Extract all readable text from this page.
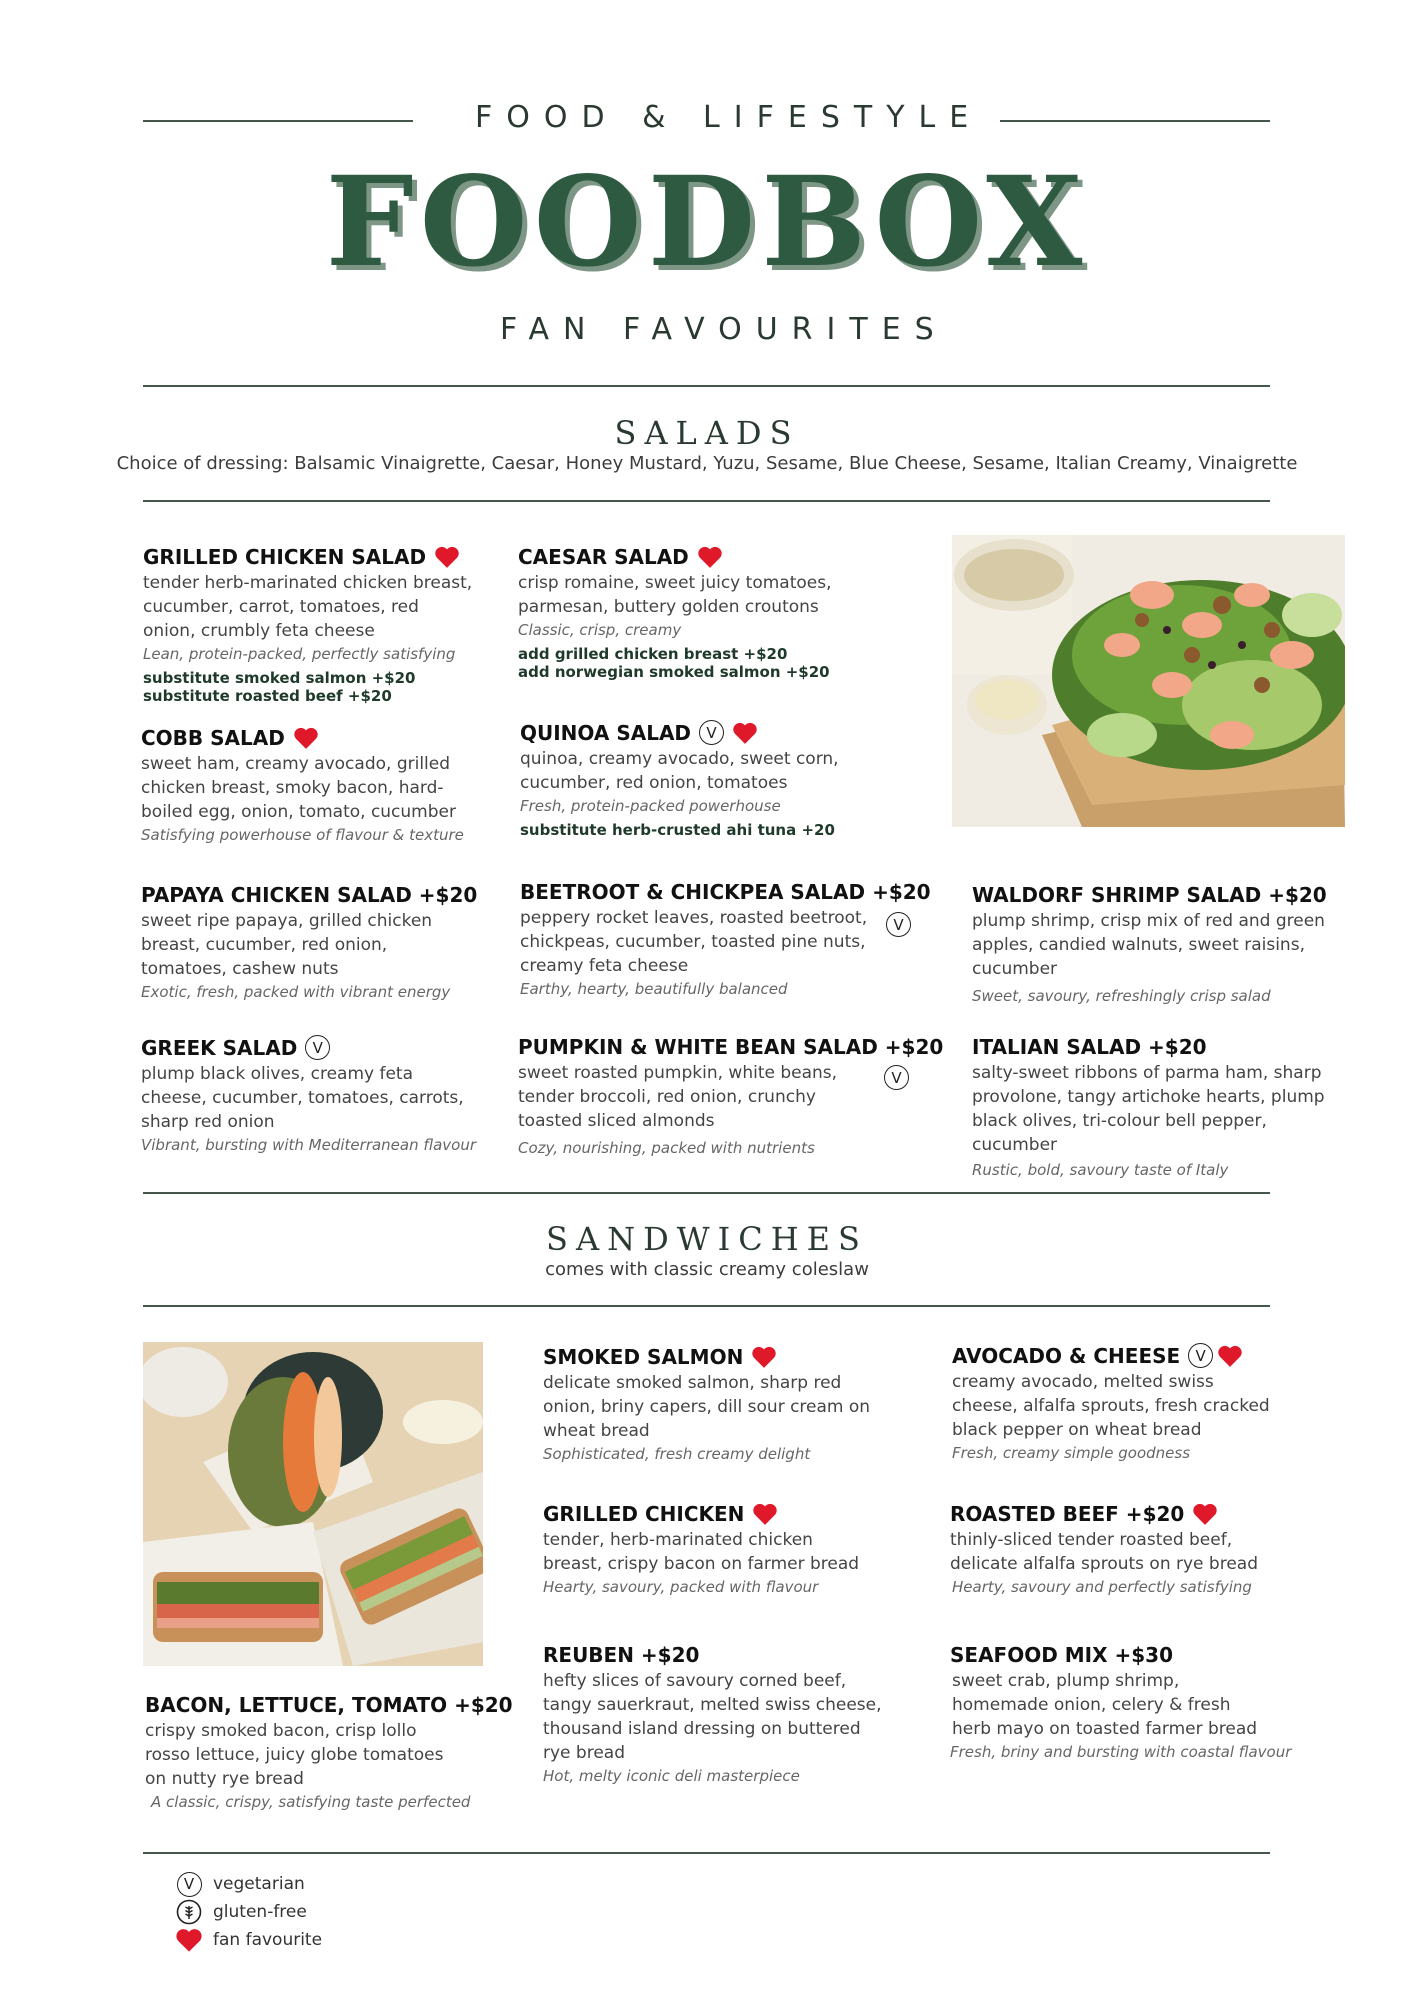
FOOD & LIFESTYLE
FOODBOX
FAN FAVOURITES
SALADS
Choice of dressing: Balsamic Vinaigrette, Caesar, Honey Mustard, Yuzu, Sesame, Blue Cheese, Sesame, Italian Creamy, Vinaigrette
GRILLED CHICKEN SALAD
tender herb-marinated chicken breast, cucumber, carrot, tomatoes, red onion, crumbly feta cheese
Lean, protein-packed, perfectly satisfying
substitute smoked salmon +$20
substitute roasted beef +$20
CAESAR SALAD
crisp romaine, sweet juicy tomatoes, parmesan, buttery golden croutons
Classic, crisp, creamy
add grilled chicken breast +$20
add norwegian smoked salmon +$20
COBB SALAD
sweet ham, creamy avocado, grilled chicken breast, smoky bacon, hard-boiled egg, onion, tomato, cucumber
Satisfying powerhouse of flavour & texture
QUINOA SALAD	V
quinoa, creamy avocado, sweet corn, cucumber, red onion, tomatoes
Fresh, protein-packed powerhouse
substitute herb-crusted ahi tuna +20
PAPAYA CHICKEN SALAD +$20
sweet ripe papaya, grilled chicken breast, cucumber, red onion, tomatoes, cashew nuts
Exotic, fresh, packed with vibrant energy
BEETROOT & CHICKPEA SALAD +$20
peppery rocket leaves, roasted beetroot, chickpeas, cucumber, toasted pine nuts, creamy feta cheese
Earthy, hearty, beautifully balanced
V
WALDORF SHRIMP SALAD +$20
plump shrimp, crisp mix of red and green apples, candied walnuts, sweet raisins, cucumber
Sweet, savoury, refreshingly crisp salad
GREEK SALAD	V
plump black olives, creamy feta cheese, cucumber, tomatoes, carrots, sharp red onion
Vibrant, bursting with Mediterranean flavour
PUMPKIN & WHITE BEAN SALAD +$20
sweet roasted pumpkin, white beans, tender broccoli, red onion, crunchy toasted sliced almonds
Cozy, nourishing, packed with nutrients
V
ITALIAN SALAD +$20
salty-sweet ribbons of parma ham, sharp provolone, tangy artichoke hearts, plump black olives, tri-colour bell pepper, cucumber
Rustic, bold, savoury taste of Italy
SANDWICHES
comes with classic creamy coleslaw
BACON, LETTUCE, TOMATO +$20
crispy smoked bacon, crisp lollo rosso lettuce, juicy globe tomatoes on nutty rye bread
A classic, crispy, satisfying taste perfected
SMOKED SALMON
delicate smoked salmon, sharp red onion, briny capers, dill sour cream on wheat bread
Sophisticated, fresh creamy delight
AVOCADO & CHEESE	V
creamy avocado, melted swiss cheese, alfalfa sprouts, fresh cracked black pepper on wheat bread
Fresh, creamy simple goodness
GRILLED CHICKEN
tender, herb-marinated chicken breast, crispy bacon on farmer bread
Hearty, savoury, packed with flavour
ROASTED BEEF +$20
thinly-sliced tender roasted beef, delicate alfalfa sprouts on rye bread
Hearty, savoury and perfectly satisfying
REUBEN +$20
hefty slices of savoury corned beef, tangy sauerkraut, melted swiss cheese, thousand island dressing on buttered rye bread
Hot, melty iconic deli masterpiece
SEAFOOD MIX +$30
sweet crab, plump shrimp, homemade onion, celery & fresh herb mayo on toasted farmer bread
Fresh, briny and bursting with coastal flavour
V	vegetarian
gluten-free
fan favourite
